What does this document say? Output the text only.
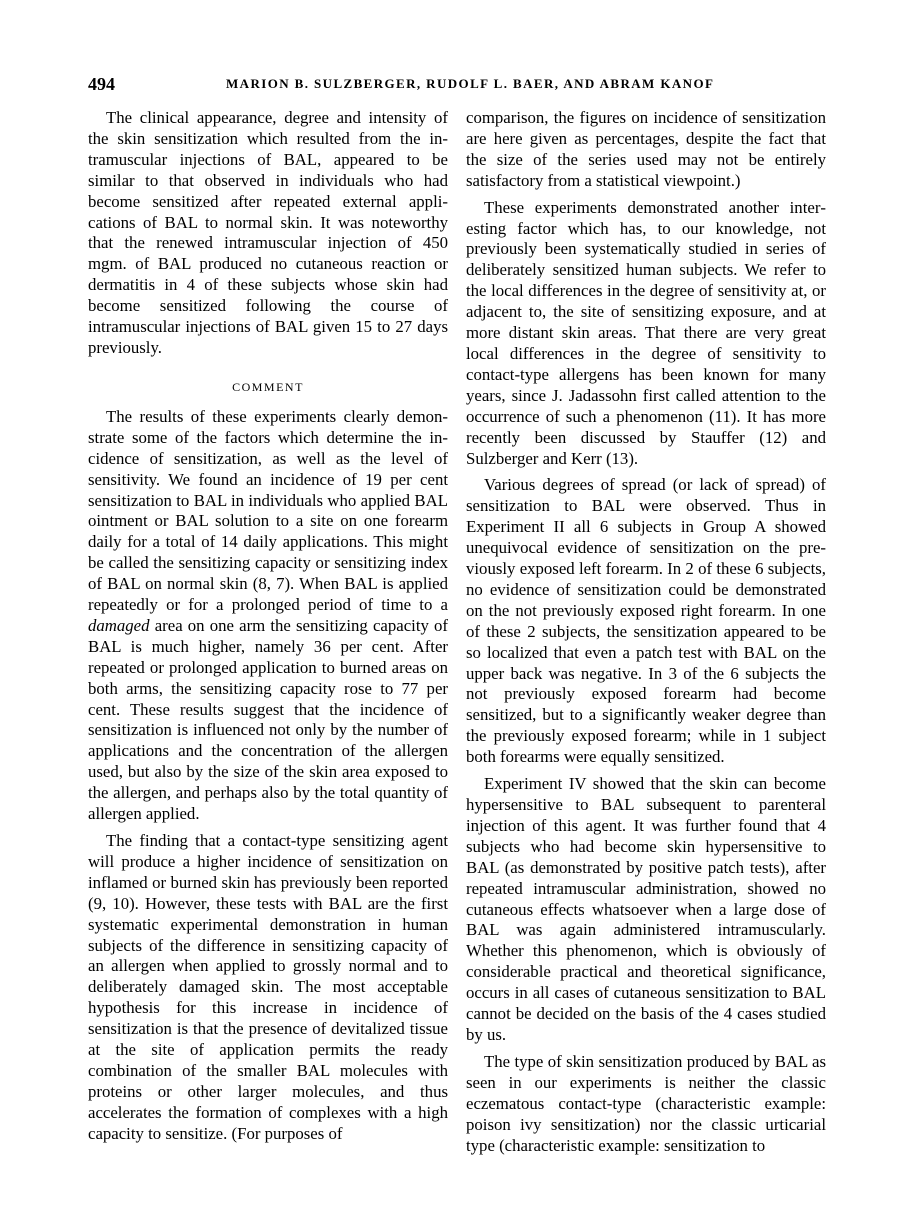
494	MARION B. SULZBERGER, RUDOLF L. BAER, AND ABRAM KANOF

The clinical appearance, degree and intensity of the skin sensitization which resulted from the intramuscular injections of BAL, appeared to be similar to that observed in individuals who had become sensitized after repeated external applications of BAL to normal skin. It was noteworthy that the renewed intramuscular injection of 450 mgm. of BAL produced no cutaneous reaction or dermatitis in 4 of these subjects whose skin had become sensitized following the course of intramuscular injections of BAL given 15 to 27 days previously.

COMMENT

The results of these experiments clearly demonstrate some of the factors which determine the incidence of sensitization, as well as the level of sensitivity. We found an incidence of 19 per cent sensitization to BAL in individuals who applied BAL ointment or BAL solution to a site on one forearm daily for a total of 14 daily applications. This might be called the sensitizing capacity or sensitizing index of BAL on normal skin (8, 7). When BAL is applied repeatedly or for a prolonged period of time to a damaged area on one arm the sensitizing capacity of BAL is much higher, namely 36 per cent. After repeated or prolonged application to burned areas on both arms, the sensitizing capacity rose to 77 per cent. These results suggest that the incidence of sensitization is influenced not only by the number of applications and the concentration of the allergen used, but also by the size of the skin area exposed to the allergen, and perhaps also by the total quantity of allergen applied.

The finding that a contact-type sensitizing agent will produce a higher incidence of sensitization on inflamed or burned skin has previously been reported (9, 10). However, these tests with BAL are the first systematic experimental demonstration in human subjects of the difference in sensitizing capacity of an allergen when applied to grossly normal and to deliberately damaged skin. The most acceptable hypothesis for this increase in incidence of sensitization is that the presence of devitalized tissue at the site of application permits the ready combination of the smaller BAL molecules with proteins or other larger molecules, and thus accelerates the formation of complexes with a high capacity to sensitize. (For purposes of

comparison, the figures on incidence of sensitization are here given as percentages, despite the fact that the size of the series used may not be entirely satisfactory from a statistical viewpoint.)

These experiments demonstrated another interesting factor which has, to our knowledge, not previously been systematically studied in series of deliberately sensitized human subjects. We refer to the local differences in the degree of sensitivity at, or adjacent to, the site of sensitizing exposure, and at more distant skin areas. That there are very great local differences in the degree of sensitivity to contact-type allergens has been known for many years, since J. Jadassohn first called attention to the occurrence of such a phenomenon (11). It has more recently been discussed by Stauffer (12) and Sulzberger and Kerr (13).

Various degrees of spread (or lack of spread) of sensitization to BAL were observed. Thus in Experiment II all 6 subjects in Group A showed unequivocal evidence of sensitization on the previously exposed left forearm. In 2 of these 6 subjects, no evidence of sensitization could be demonstrated on the not previously exposed right forearm. In one of these 2 subjects, the sensitization appeared to be so localized that even a patch test with BAL on the upper back was negative. In 3 of the 6 subjects the not previously exposed forearm had become sensitized, but to a significantly weaker degree than the previously exposed forearm; while in 1 subject both forearms were equally sensitized.

Experiment IV showed that the skin can become hypersensitive to BAL subsequent to parenteral injection of this agent. It was further found that 4 subjects who had become skin hypersensitive to BAL (as demonstrated by positive patch tests), after repeated intramuscular administration, showed no cutaneous effects whatsoever when a large dose of BAL was again administered intramuscularly. Whether this phenomenon, which is obviously of considerable practical and theoretical significance, occurs in all cases of cutaneous sensitization to BAL cannot be decided on the basis of the 4 cases studied by us.

The type of skin sensitization produced by BAL as seen in our experiments is neither the classic eczematous contact-type (characteristic example: poison ivy sensitization) nor the classic urticarial type (characteristic example: sensitization to
